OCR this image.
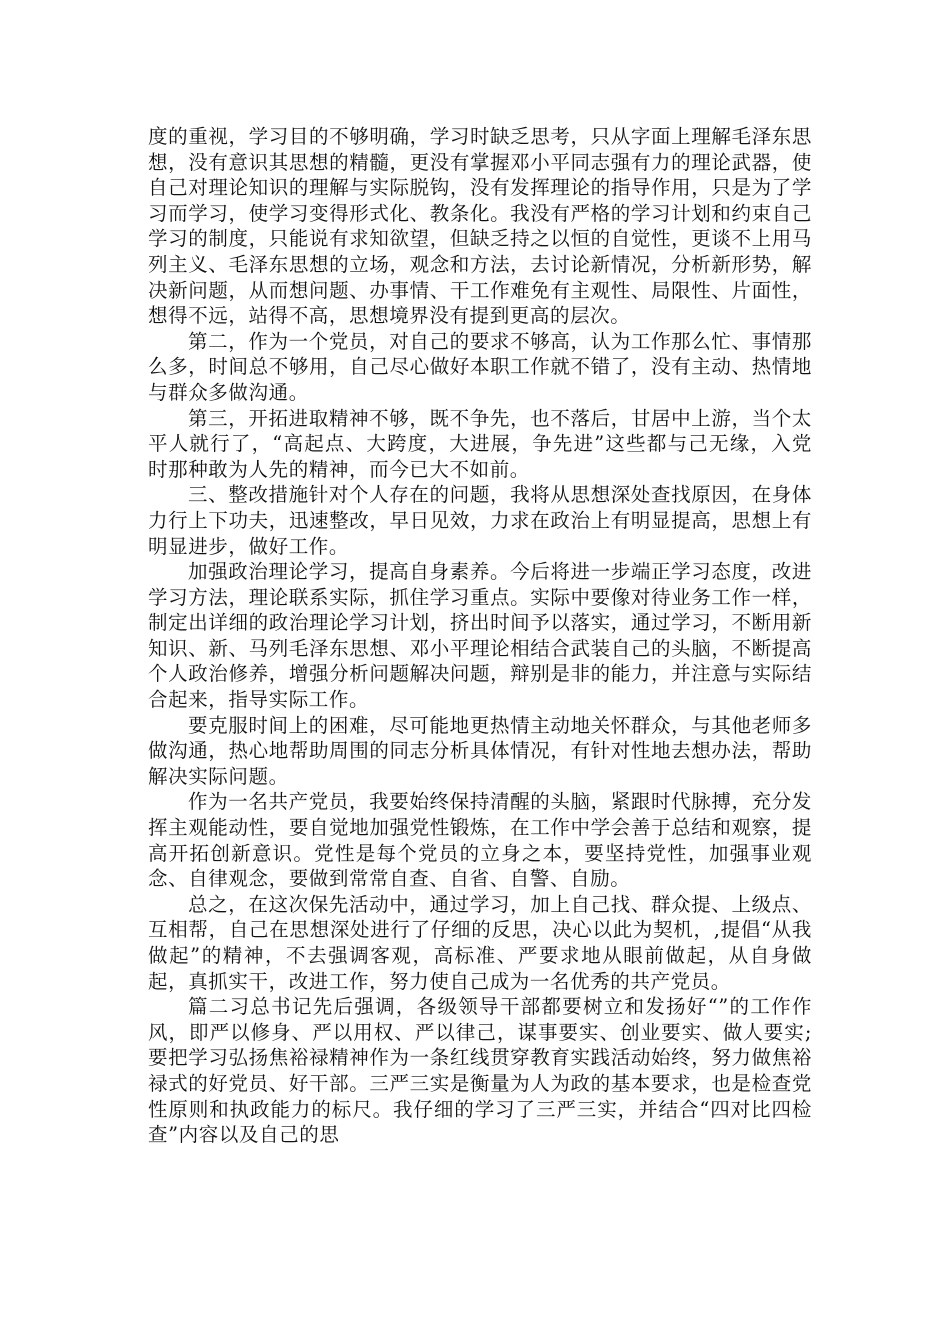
度的重视，学习目的不够明确，学习时缺乏思考，只从字面上理解毛泽东思想，没有意识其思想的精髓，更没有掌握邓小平同志强有力的理论武器，使自己对理论知识的理解与实际脱钩，没有发挥理论的指导作用，只是为了学习而学习，使学习变得形式化、教条化。我没有严格的学习计划和约束自己学习的制度，只能说有求知欲望，但缺乏持之以恒的自觉性，更谈不上用马列主义、毛泽东思想的立场，观念和方法，去讨论新情况，分析新形势，解决新问题，从而想问题、办事情、干工作难免有主观性、局限性、片面性，想得不远，站得不高，思想境界没有提到更高的层次。

第二，作为一个党员，对自己的要求不够高，认为工作那么忙、事情那么多，时间总不够用，自己尽心做好本职工作就不错了，没有主动、热情地与群众多做沟通。

第三，开拓进取精神不够，既不争先，也不落后，甘居中上游，当个太平人就行了，“高起点、大跨度，大进展，争先进”这些都与己无缘，入党时那种敢为人先的精神，而今已大不如前。

三、整改措施针对个人存在的问题，我将从思想深处查找原因，在身体力行上下功夫，迅速整改，早日见效，力求在政治上有明显提高，思想上有明显进步，做好工作。

加强政治理论学习，提高自身素养。今后将进一步端正学习态度，改进学习方法，理论联系实际，抓住学习重点。实际中要像对待业务工作一样，制定出详细的政治理论学习计划，挤出时间予以落实，通过学习，不断用新知识、新、马列毛泽东思想、邓小平理论相结合武装自己的头脑，不断提高个人政治修养，增强分析问题解决问题，辩别是非的能力，并注意与实际结合起来，指导实际工作。

要克服时间上的困难，尽可能地更热情主动地关怀群众，与其他老师多做沟通，热心地帮助周围的同志分析具体情况，有针对性地去想办法，帮助解决实际问题。

作为一名共产党员，我要始终保持清醒的头脑，紧跟时代脉搏，充分发挥主观能动性，要自觉地加强党性锻炼，在工作中学会善于总结和观察，提高开拓创新意识。党性是每个党员的立身之本，要坚持党性，加强事业观念、自律观念，要做到常常自查、自省、自警、自励。

总之，在这次保先活动中，通过学习，加上自己找、群众提、上级点、互相帮，自己在思想深处进行了仔细的反思，决心以此为契机，,提倡“从我做起”的精神，不去强调客观，高标准、严要求地从眼前做起，从自身做起，真抓实干，改进工作，努力使自己成为一名优秀的共产党员。

篇二习总书记先后强调，各级领导干部都要树立和发扬好“”的工作作风，即严以修身、严以用权、严以律己，谋事要实、创业要实、做人要实;要把学习弘扬焦裕禄精神作为一条红线贯穿教育实践活动始终，努力做焦裕禄式的好党员、好干部。三严三实是衡量为人为政的基本要求，也是检查党性原则和执政能力的标尺。我仔细的学习了三严三实，并结合“四对比四检查”内容以及自己的思
